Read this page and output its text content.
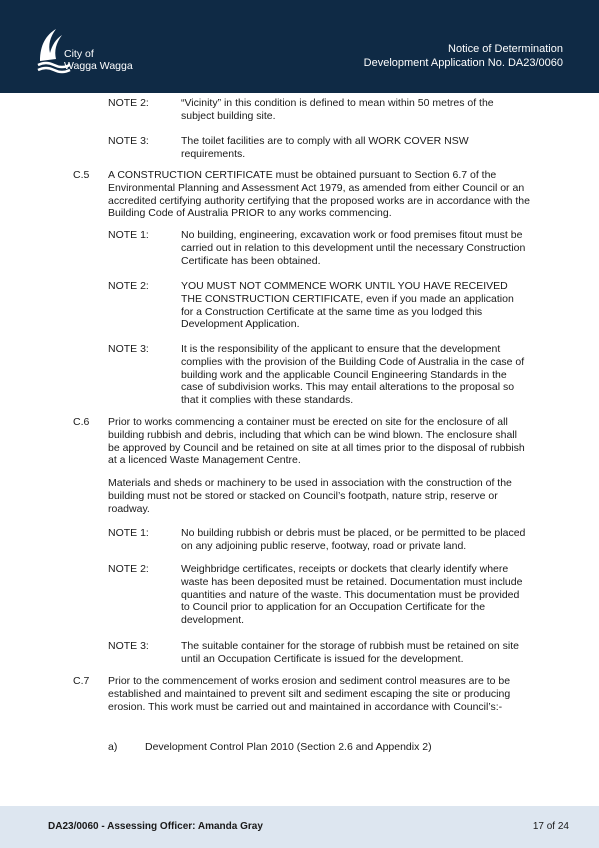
City of
Wagga Wagga
Notice of Determination
Development Application No. DA23/0060
NOTE 2:	“Vicinity” in this condition is defined to mean within 50 metres of the subject building site.
NOTE 3:	The toilet facilities are to comply with all WORK COVER NSW requirements.
C.5	A CONSTRUCTION CERTIFICATE must be obtained pursuant to Section 6.7 of the Environmental Planning and Assessment Act 1979, as amended from either Council or an accredited certifying authority certifying that the proposed works are in accordance with the Building Code of Australia PRIOR to any works commencing.
NOTE 1:	No building, engineering, excavation work or food premises fitout must be carried out in relation to this development until the necessary Construction Certificate has been obtained.
NOTE 2:	YOU MUST NOT COMMENCE WORK UNTIL YOU HAVE RECEIVED THE CONSTRUCTION CERTIFICATE, even if you made an application for a Construction Certificate at the same time as you lodged this Development Application.
NOTE 3:	It is the responsibility of the applicant to ensure that the development complies with the provision of the Building Code of Australia in the case of building work and the applicable Council Engineering Standards in the case of subdivision works. This may entail alterations to the proposal so that it complies with these standards.
C.6	Prior to works commencing a container must be erected on site for the enclosure of all building rubbish and debris, including that which can be wind blown. The enclosure shall be approved by Council and be retained on site at all times prior to the disposal of rubbish at a licenced Waste Management Centre.
Materials and sheds or machinery to be used in association with the construction of the building must not be stored or stacked on Council’s footpath, nature strip, reserve or roadway.
NOTE 1:	No building rubbish or debris must be placed, or be permitted to be placed on any adjoining public reserve, footway, road or private land.
NOTE 2:	Weighbridge certificates, receipts or dockets that clearly identify where waste has been deposited must be retained. Documentation must include quantities and nature of the waste. This documentation must be provided to Council prior to application for an Occupation Certificate for the development.
NOTE 3:	The suitable container for the storage of rubbish must be retained on site until an Occupation Certificate is issued for the development.
C.7	Prior to the commencement of works erosion and sediment control measures are to be established and maintained to prevent silt and sediment escaping the site or producing erosion. This work must be carried out and maintained in accordance with Council’s:-
a)	Development Control Plan 2010 (Section 2.6 and Appendix 2)
DA23/0060 - Assessing Officer: Amanda Gray	17 of 24
